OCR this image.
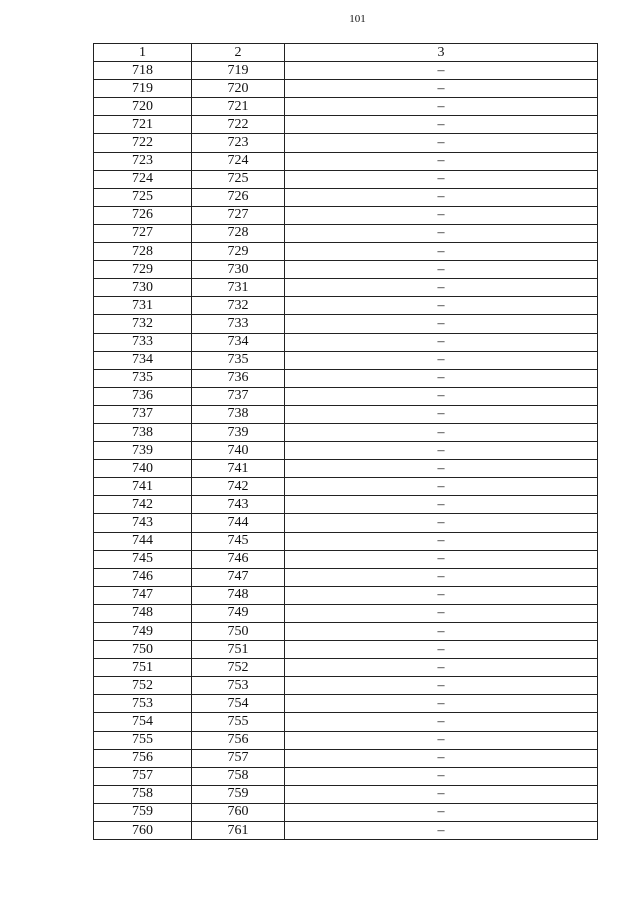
101
1	2	3
718	719	–
719	720	–
720	721	–
721	722	–
722	723	–
723	724	–
724	725	–
725	726	–
726	727	–
727	728	–
728	729	–
729	730	–
730	731	–
731	732	–
732	733	–
733	734	–
734	735	–
735	736	–
736	737	–
737	738	–
738	739	–
739	740	–
740	741	–
741	742	–
742	743	–
743	744	–
744	745	–
745	746	–
746	747	–
747	748	–
748	749	–
749	750	–
750	751	–
751	752	–
752	753	–
753	754	–
754	755	–
755	756	–
756	757	–
757	758	–
758	759	–
759	760	–
760	761	–
